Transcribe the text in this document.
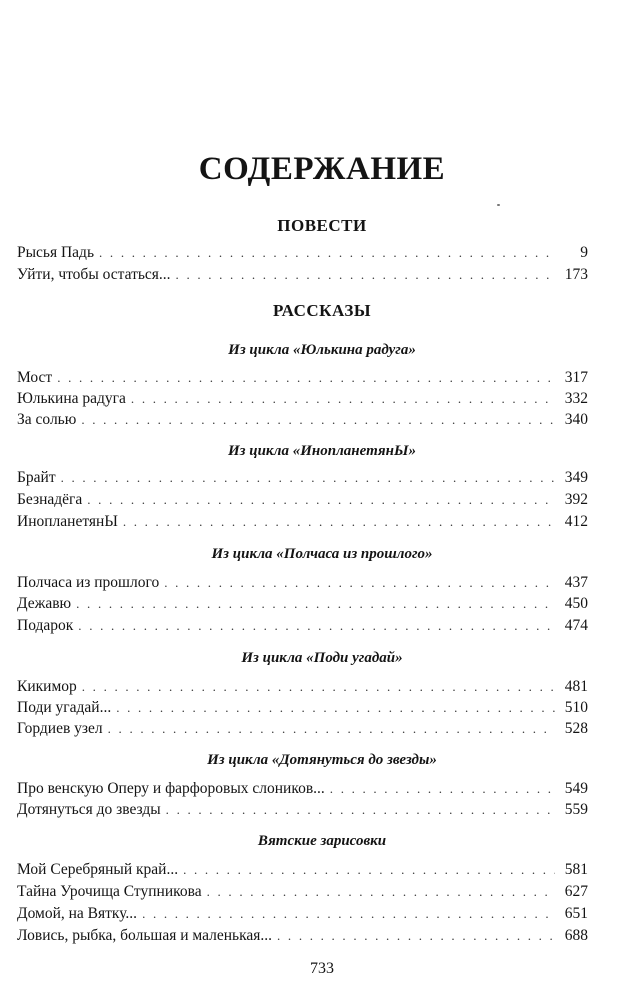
СОДЕРЖАНИЕ
ПОВЕСТИ
Рысья Падь . . .	9
Уйти, чтобы остаться... . . .	173
РАССКАЗЫ
Из цикла «Юлькина радуга»
Мост . . .	317
Юлькина радуга . . .	332
За солью . . .	340
Из цикла «ИнопланетянЫ»
Брайт . . .	349
Безнадёга . . .	392
ИнопланетянЫ . . .	412
Из цикла «Полчаса из прошлого»
Полчаса из прошлого . . .	437
Дежавю . . .	450
Подарок . . .	474
Из цикла «Поди угадай»
Кикимор . . .	481
Поди угадай... . . .	510
Гордиев узел . . .	528
Из цикла «Дотянуться до звезды»
Про венскую Оперу и фарфоровых слоников... . . .	549
Дотянуться до звезды . . .	559
Вятские зарисовки
Мой Серебряный край... . . .	581
Тайна Урочища Ступникова . . .	627
Домой, на Вятку... . . .	651
Ловись, рыбка, большая и маленькая... . . .	688
733
